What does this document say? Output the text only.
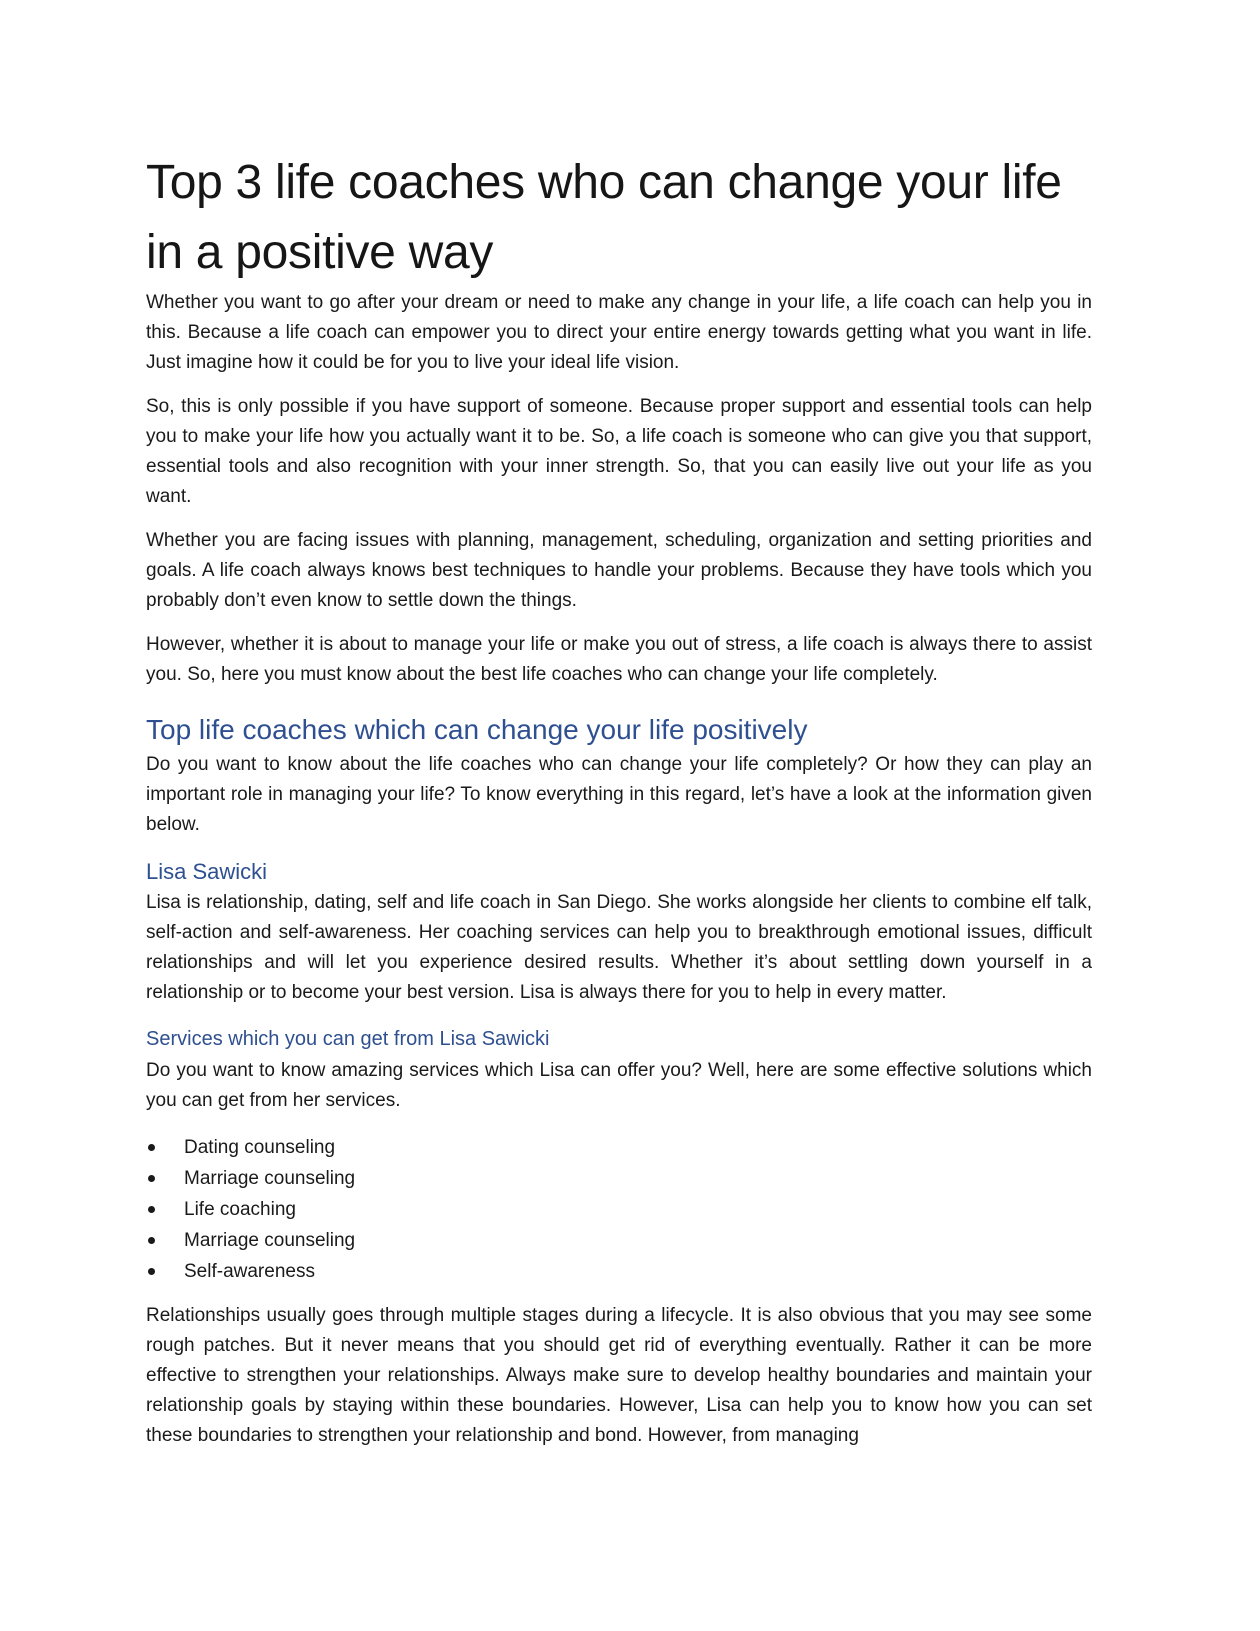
Top 3 life coaches who can change your life in a positive way

Whether you want to go after your dream or need to make any change in your life, a life coach can help you in this. Because a life coach can empower you to direct your entire energy towards getting what you want in life. Just imagine how it could be for you to live your ideal life vision.

So, this is only possible if you have support of someone. Because proper support and essential tools can help you to make your life how you actually want it to be. So, a life coach is someone who can give you that support, essential tools and also recognition with your inner strength. So, that you can easily live out your life as you want.

Whether you are facing issues with planning, management, scheduling, organization and setting priorities and goals. A life coach always knows best techniques to handle your problems. Because they have tools which you probably don’t even know to settle down the things.

However, whether it is about to manage your life or make you out of stress, a life coach is always there to assist you. So, here you must know about the best life coaches who can change your life completely.

Top life coaches which can change your life positively

Do you want to know about the life coaches who can change your life completely? Or how they can play an important role in managing your life? To know everything in this regard, let’s have a look at the information given below.

Lisa Sawicki

Lisa is relationship, dating, self and life coach in San Diego. She works alongside her clients to combine elf talk, self-action and self-awareness. Her coaching services can help you to breakthrough emotional issues, difficult relationships and will let you experience desired results. Whether it’s about settling down yourself in a relationship or to become your best version. Lisa is always there for you to help in every matter.

Services which you can get from Lisa Sawicki

Do you want to know amazing services which Lisa can offer you? Well, here are some effective solutions which you can get from her services.

Dating counseling
Marriage counseling
Life coaching
Marriage counseling
Self-awareness

Relationships usually goes through multiple stages during a lifecycle. It is also obvious that you may see some rough patches. But it never means that you should get rid of everything eventually. Rather it can be more effective to strengthen your relationships. Always make sure to develop healthy boundaries and maintain your relationship goals by staying within these boundaries. However, Lisa can help you to know how you can set these boundaries to strengthen your relationship and bond. However, from managing
